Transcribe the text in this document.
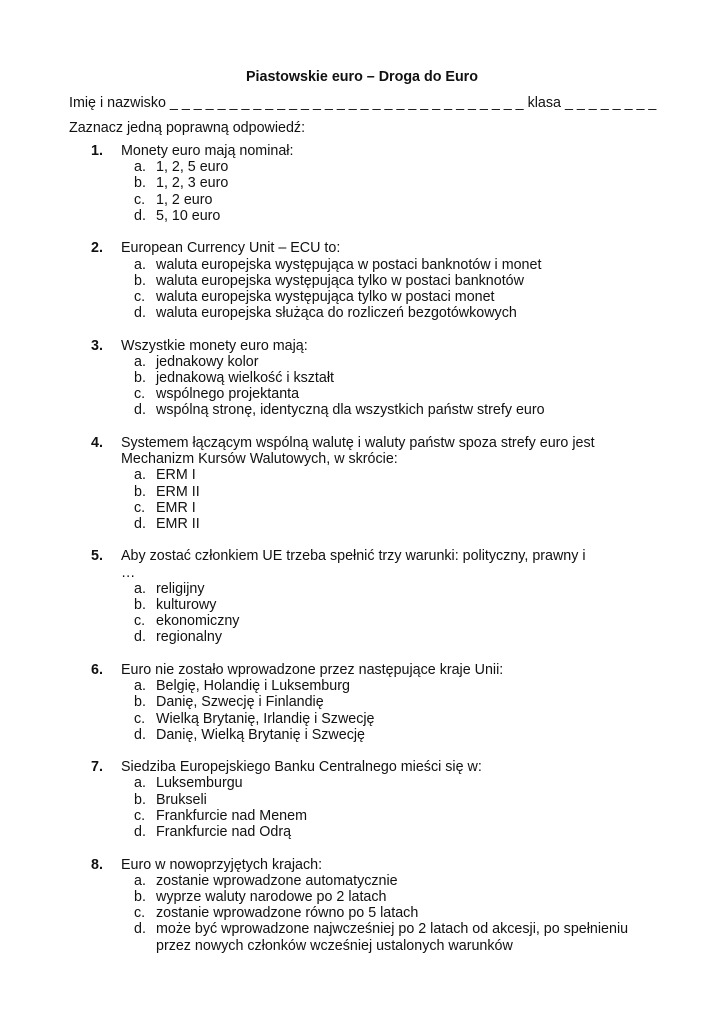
Piastowskie euro – Droga do Euro
Imię i nazwisko _ _ _ _ _ _ _ _ _ _ _ _ _ _ _ _ _ _ _ _ _ _ _ _ _ _ _ _ _ _ klasa _ _ _ _ _ _ _ _
Zaznacz jedną poprawną odpowiedź:
1.	Monety euro mają nominał:
a. 1, 2, 5 euro
b. 1, 2, 3 euro
c. 1, 2 euro
d. 5, 10 euro
2.	European Currency Unit – ECU to:
a. waluta europejska występująca w postaci banknotów i monet
b. waluta europejska występująca tylko w postaci banknotów
c. waluta europejska występująca tylko w postaci monet
d. waluta europejska służąca do rozliczeń bezgotówkowych
3.	Wszystkie monety euro mają:
a. jednakowy kolor
b. jednakową wielkość i kształt
c. wspólnego projektanta
d. wspólną stronę, identyczną dla wszystkich państw strefy euro
4.	Systemem łączącym wspólną walutę i waluty państw spoza strefy euro jest Mechanizm Kursów Walutowych, w skrócie:
a. ERM I
b. ERM II
c. EMR I
d. EMR II
5.	Aby zostać członkiem UE trzeba spełnić trzy warunki: polityczny, prawny i …
a. religijny
b. kulturowy
c. ekonomiczny
d. regionalny
6.	Euro nie zostało wprowadzone przez następujące kraje Unii:
a. Belgię, Holandię i Luksemburg
b. Danię, Szwecję i Finlandię
c. Wielką Brytanię, Irlandię i Szwecję
d. Danię, Wielką Brytanię i Szwecję
7.	Siedziba Europejskiego Banku Centralnego mieści się w:
a. Luksemburgu
b. Brukseli
c. Frankfurcie nad Menem
d. Frankfurcie nad Odrą
8.	Euro w nowoprzyjętych krajach:
a. zostanie wprowadzone automatycznie
b. wyprze waluty narodowe po 2 latach
c. zostanie wprowadzone równo po 5 latach
d. może być wprowadzone najwcześniej po 2 latach od akcesji, po spełnieniu przez nowych członków wcześniej ustalonych warunków
